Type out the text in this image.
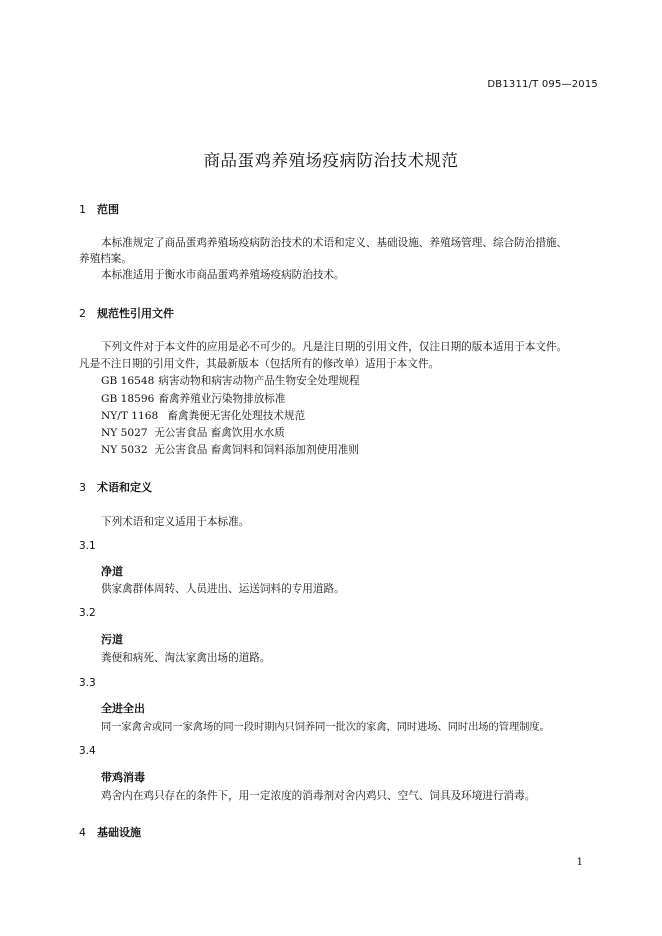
DB1311/T 095—2015
商品蛋鸡养殖场疫病防治技术规范
1 范围
本标准规定了商品蛋鸡养殖场疫病防治技术的术语和定义、基础设施、养殖场管理、综合防治措施、
养殖档案。
本标准适用于衡水市商品蛋鸡养殖场疫病防治技术。
2 规范性引用文件
下列文件对于本文件的应用是必不可少的。凡是注日期的引用文件，仅注日期的版本适用于本文件。
凡是不注日期的引用文件，其最新版本（包括所有的修改单）适用于本文件。
GB 16548 病害动物和病害动物产品生物安全处理规程
GB 18596 畜禽养殖业污染物排放标准
NY/T 1168 畜禽粪便无害化处理技术规范
NY 5027 无公害食品 畜禽饮用水水质
NY 5032 无公害食品 畜禽饲料和饲料添加剂使用准则
3 术语和定义
下列术语和定义适用于本标准。
3.1
净道
供家禽群体周转、人员进出、运送饲料的专用道路。
3.2
污道
粪便和病死、淘汰家禽出场的道路。
3.3
全进全出
同一家禽舍或同一家禽场的同一段时期内只饲养同一批次的家禽，同时进场、同时出场的管理制度。
3.4
带鸡消毒
鸡舍内在鸡只存在的条件下，用一定浓度的消毒剂对舍内鸡只、空气、饲具及环境进行消毒。
4 基础设施
1
